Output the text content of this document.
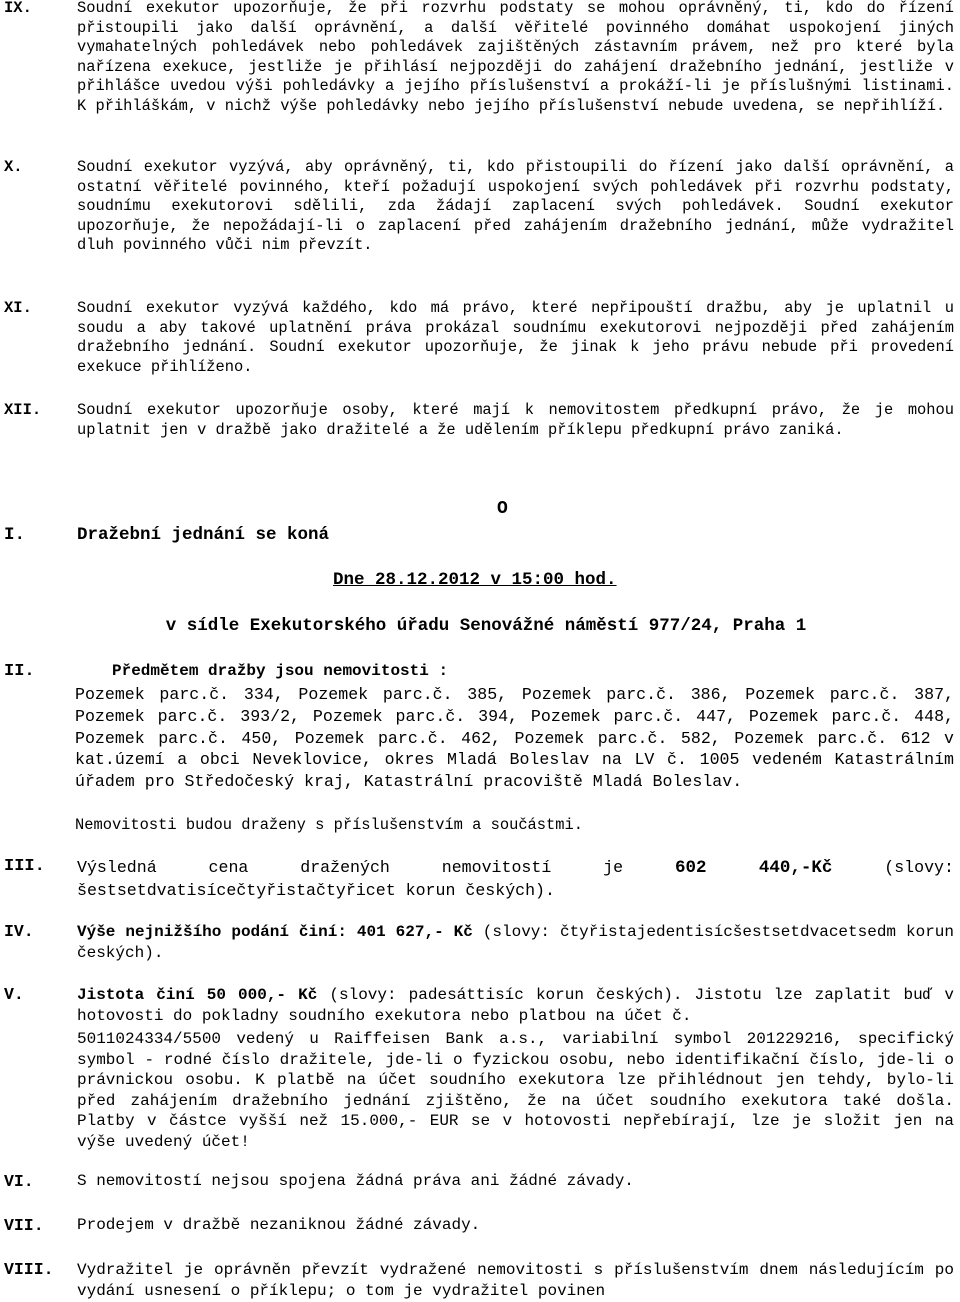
IX.	Soudní exekutor upozorňuje, že při rozvrhu podstaty se mohou oprávněný, ti, kdo do řízení přistoupili jako další oprávnění, a další věřitelé povinného domáhat uspokojení jiných vymahatelných pohledávek nebo pohledávek zajištěných zástavním právem, než pro které byla nařízena exekuce, jestliže je přihlásí nejpozději do zahájení dražebního jednání, jestliže v přihlášce uvedou výši pohledávky a jejího příslušenství a prokáží-li je příslušnými listinami. K přihláškám, v nichž výše pohledávky nebo jejího příslušenství nebude uvedena, se nepřihlíží.
X.	Soudní exekutor vyzývá, aby oprávněný, ti, kdo přistoupili do řízení jako další oprávnění, a ostatní věřitelé povinného, kteří požadují uspokojení svých pohledávek při rozvrhu podstaty, soudnímu exekutorovi sdělili, zda žádají zaplacení svých pohledávek. Soudní exekutor upozorňuje, že nepožádají-li o zaplacení před zahájením dražebního jednání, může vydražitel dluh povinného vůči nim převzít.
XI.	Soudní exekutor vyzývá každého, kdo má právo, které nepřipouští dražbu, aby je uplatnil u soudu a aby takové uplatnění práva prokázal soudnímu exekutorovi nejpozději před zahájením dražebního jednání. Soudní exekutor upozorňuje, že jinak k jeho právu nebude při provedení exekuce přihlíženo.
XII. Soudní exekutor upozorňuje osoby, které mají k nemovitostem předkupní právo, že je mohou uplatnit jen v dražbě jako dražitelé a že udělením příklepu předkupní právo zaniká.
O
I.	Dražební jednání se koná
Dne 28.12.2012 v 15:00 hod.
v sídle Exekutorského úřadu Senovážné náměstí 977/24, Praha 1
II.	Předmětem dražby jsou nemovitosti :
Pozemek parc.č. 334, Pozemek parc.č. 385, Pozemek parc.č. 386, Pozemek parc.č. 387, Pozemek parc.č. 393/2, Pozemek parc.č. 394, Pozemek parc.č. 447, Pozemek parc.č. 448, Pozemek parc.č. 450, Pozemek parc.č. 462, Pozemek parc.č. 582, Pozemek parc.č. 612 v kat.území a obci Neveklovice, okres Mladá Boleslav na LV č. 1005 vedeném Katastrálním úřadem pro Středočeský kraj, Katastrální pracoviště Mladá Boleslav.
Nemovitosti budou draženy s příslušenstvím a součástmi.
III. Výsledná cena dražených nemovitostí je	602 440,-Kč	(slovy: šestsetdvatisícečtyřistačtyřicet korun českých).
IV.	Výše nejnižšího podání činí: 401 627,- Kč (slovy: čtyřistajedentisícšestsetdvacetsedm korun českých).
V.	Jistota činí 50 000,- Kč (slovy: padesáttisíc korun českých). Jistotu lze zaplatit buď v hotovosti do pokladny soudního exekutora nebo platbou na účet č.
5011024334/5500 vedený u Raiffeisen Bank a.s., variabilní symbol 201229216, specifický symbol - rodné číslo dražitele, jde-li o fyzickou osobu, nebo identifikační číslo, jde-li o právnickou osobu. K platbě na účet soudního exekutora lze přihlédnout jen tehdy, bylo-li před zahájením dražebního jednání zjištěno, že na účet soudního exekutora také došla. Platby v částce vyšší než 15.000,- EUR se v hotovosti nepřebírají, lze je složit jen na výše uvedený účet!
VI.	S nemovitostí nejsou spojena žádná práva ani žádné závady.
VII. Prodejem v dražbě nezaniknou žádné závady.
VIII. Vydražitel je oprávněn převzít vydražené nemovitosti s příslušenstvím dnem následujícím po vydání usnesení o příklepu; o tom je vydražitel povinen
